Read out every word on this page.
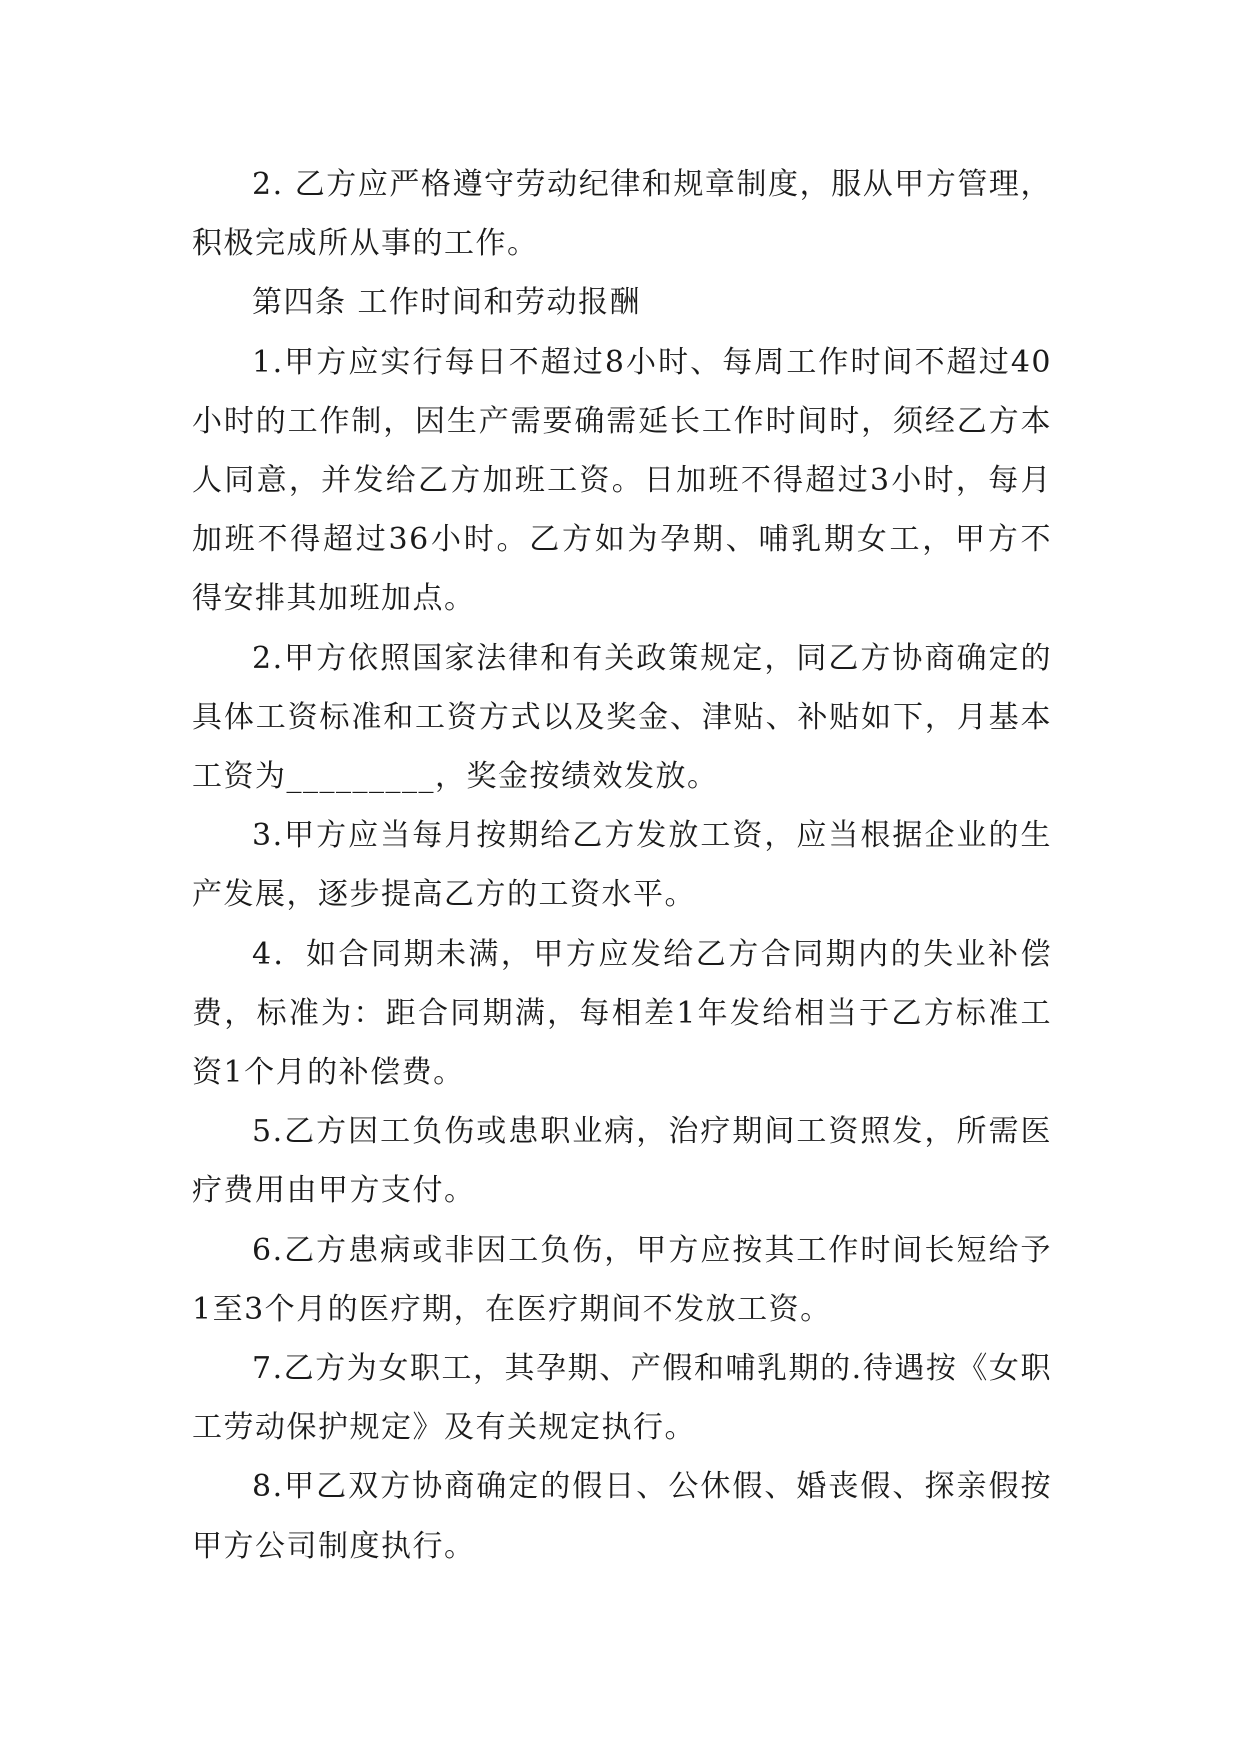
2. 乙方应严格遵守劳动纪律和规章制度，服从甲方管理，积极完成所从事的工作。

第四条 工作时间和劳动报酬

1.甲方应实行每日不超过8小时、每周工作时间不超过40小时的工作制，因生产需要确需延长工作时间时，须经乙方本人同意，并发给乙方加班工资。日加班不得超过3小时，每月加班不得超过36小时。乙方如为孕期、哺乳期女工，甲方不得安排其加班加点。

2.甲方依照国家法律和有关政策规定，同乙方协商确定的具体工资标准和工资方式以及奖金、津贴、补贴如下，月基本工资为_________，奖金按绩效发放。

3.甲方应当每月按期给乙方发放工资，应当根据企业的生产发展，逐步提高乙方的工资水平。

4．如合同期未满，甲方应发给乙方合同期内的失业补偿费，标准为：距合同期满，每相差1年发给相当于乙方标准工资1个月的补偿费。

5.乙方因工负伤或患职业病，治疗期间工资照发，所需医疗费用由甲方支付。

6.乙方患病或非因工负伤，甲方应按其工作时间长短给予1至3个月的医疗期，在医疗期间不发放工资。

7.乙方为女职工，其孕期、产假和哺乳期的.待遇按《女职工劳动保护规定》及有关规定执行。

8.甲乙双方协商确定的假日、公休假、婚丧假、探亲假按甲方公司制度执行。
